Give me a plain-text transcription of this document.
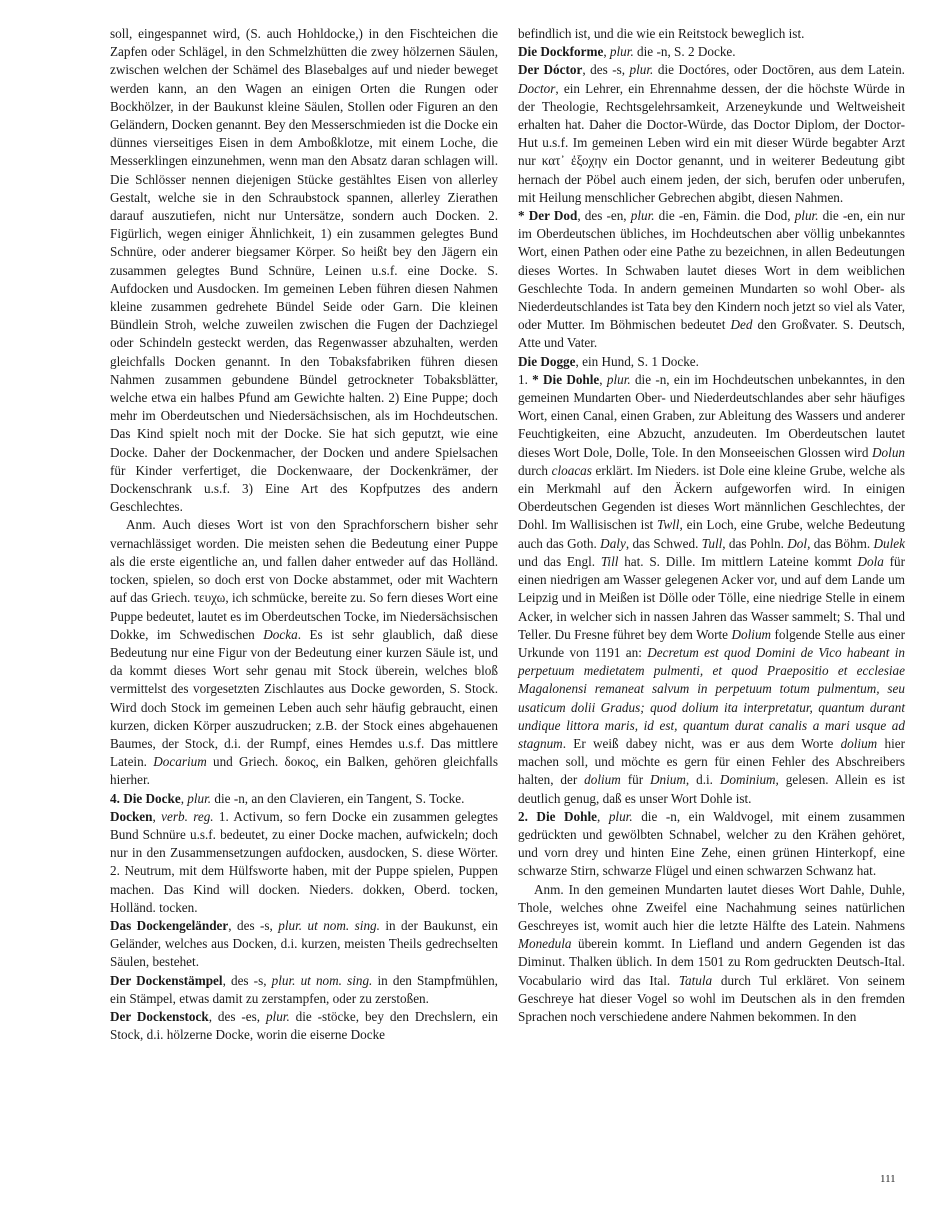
soll, eingespannet wird, (S. auch Hohldocke,) in den Fischteichen die Zapfen oder Schlägel, in den Schmelzhütten die zwey hölzernen Säulen, zwischen welchen der Schämel des Blasebalges auf und nieder beweget werden kann, an den Wagen an einigen Orten die Rungen oder Bockhölzer, in der Baukunst kleine Säulen, Stollen oder Figuren an den Geländern, Docken genannt. Bey den Messerschmieden ist die Docke ein dünnes vierseitiges Eisen in dem Amboßklotze, mit einem Loche, die Messerklingen einzunehmen, wenn man den Absatz daran schlagen will. Die Schlösser nennen diejenigen Stücke gestähltes Eisen von allerley Gestalt, welche sie in den Schraubstock spannen, allerley Zierathen darauf auszutiefen, nicht nur Untersätze, sondern auch Docken. 2. Figürlich, wegen einiger Ähnlichkeit, 1) ein zusammen gelegtes Bund Schnüre, oder anderer biegsamer Körper. So heißt bey den Jägern ein zusammen gelegtes Bund Schnüre, Leinen u.s.f. eine Docke. S. Aufdocken und Ausdocken. Im gemeinen Leben führen diesen Nahmen kleine zusammen gedrehete Bündel Seide oder Garn. Die kleinen Bündlein Stroh, welche zuweilen zwischen die Fugen der Dachziegel oder Schindeln gesteckt werden, das Regenwasser abzuhalten, werden gleichfalls Docken genannt. In den Tobaksfabriken führen diesen Nahmen zusammen gebundene Bündel getrockneter Tobaksblätter, welche etwa ein halbes Pfund am Gewichte halten. 2) Eine Puppe; doch mehr im Oberdeutschen und Niedersächsischen, als im Hochdeutschen. Das Kind spielt noch mit der Docke. Sie hat sich geputzt, wie eine Docke. Daher der Dockenmacher, der Docken und andere Spielsachen für Kinder verfertiget, die Dockenwaare, der Dockenkrämer, der Dockenschrank u.s.f. 3) Eine Art des Kopfputzes des andern Geschlechtes.

Anm. Auch dieses Wort ist von den Sprachforschern bisher sehr vernachlässiget worden. Die meisten sehen die Bedeutung einer Puppe als die erste eigentliche an, und fallen daher entweder auf das Holländ. tocken, spielen, so doch erst von Docke abstammet, oder mit Wachtern auf das Griech. τευχω, ich schmücke, bereite zu. So fern dieses Wort eine Puppe bedeutet, lautet es im Oberdeutschen Tocke, im Niedersächsischen Dokke, im Schwedischen Docka. Es ist sehr glaublich, daß diese Bedeutung nur eine Figur von der Bedeutung einer kurzen Säule ist, und da kommt dieses Wort sehr genau mit Stock überein, welches bloß vermittelst des vorgesetzten Zischlautes aus Docke geworden, S. Stock. Wird doch Stock im gemeinen Leben auch sehr häufig gebraucht, einen kurzen, dicken Körper auszudrucken; z.B. der Stock eines abgehauenen Baumes, der Stock, d.i. der Rumpf, eines Hemdes u.s.f. Das mittlere Latein. Docarium und Griech. δοκος, ein Balken, gehören gleichfalls hierher.

4. Die Docke, plur. die -n, an den Clavieren, ein Tangent, S. Tocke.

Docken, verb. reg. 1. Activum, so fern Docke ein zusammen gelegtes Bund Schnüre u.s.f. bedeutet, zu einer Docke machen, aufwickeln; doch nur in den Zusammensetzungen aufdocken, ausdocken, S. diese Wörter. 2. Neutrum, mit dem Hülfsworte haben, mit der Puppe spielen, Puppen machen. Das Kind will docken. Nieders. dokken, Oberd. tocken, Holländ. tocken.

Das Dockengeländer, des -s, plur. ut nom. sing. in der Baukunst, ein Geländer, welches aus Docken, d.i. kurzen, meisten Theils gedrechselten Säulen, bestehet.

Der Dockenstämpel, des -s, plur. ut nom. sing. in den Stampfmühlen, ein Stämpel, etwas damit zu zerstampfen, oder zu zerstoßen.

Der Dockenstock, des -es, plur. die -stöcke, bey den Drechslern, ein Stock, d.i. hölzerne Docke, worin die eiserne Docke

befindlich ist, und die wie ein Reitstock beweglich ist.

Die Dockforme, plur. die -n, S. 2 Docke.

Der Dóctor, des -s, plur. die Doctóres, oder Doctōren, aus dem Latein. Doctor, ein Lehrer, ein Ehrennahme dessen, der die höchste Würde in der Theologie, Rechtsgelehrsamkeit, Arzeneykunde und Weltweisheit erhalten hat. Daher die Doctor-Würde, das Doctor Diplom, der Doctor-Hut u.s.f. Im gemeinen Leben wird ein mit dieser Würde begabter Arzt nur κατ᾽ ἐξοχην ein Doctor genannt, und in weiterer Bedeutung gibt hernach der Pöbel auch einem jeden, der sich, berufen oder unberufen, mit Heilung menschlicher Gebrechen abgibt, diesen Nahmen.

* Der Dod, des -en, plur. die -en, Fämin. die Dod, plur. die -en, ein nur im Oberdeutschen übliches, im Hochdeutschen aber völlig unbekanntes Wort, einen Pathen oder eine Pathe zu bezeichnen, in allen Bedeutungen dieses Wortes. In Schwaben lautet dieses Wort in dem weiblichen Geschlechte Toda. In andern gemeinen Mundarten so wohl Ober- als Niederdeutschlandes ist Tata bey den Kindern noch jetzt so viel als Vater, oder Mutter. Im Böhmischen bedeutet Ded den Großvater. S. Deutsch, Atte und Vater.

Die Dogge, ein Hund, S. 1 Docke.

1. * Die Dohle, plur. die -n, ein im Hochdeutschen unbekanntes, in den gemeinen Mundarten Ober- und Niederdeutschlandes aber sehr häufiges Wort, einen Canal, einen Graben, zur Ableitung des Wassers und anderer Feuchtigkeiten, eine Abzucht, anzudeuten. Im Oberdeutschen lautet dieses Wort Dole, Dolle, Tole. In den Monseeischen Glossen wird Dolun durch cloacas erklärt. Im Nieders. ist Dole eine kleine Grube, welche als ein Merkmahl auf den Äckern aufgeworfen wird. In einigen Oberdeutschen Gegenden ist dieses Wort männlichen Geschlechtes, der Dohl. Im Wallisischen ist Twll, ein Loch, eine Grube, welche Bedeutung auch das Goth. Daly, das Schwed. Tull, das Pohln. Dol, das Böhm. Dulek und das Engl. Till hat. S. Dille. Im mittlern Lateine kommt Dola für einen niedrigen am Wasser gelegenen Acker vor, und auf dem Lande um Leipzig und in Meißen ist Dölle oder Tölle, eine niedrige Stelle in einem Acker, in welcher sich in nassen Jahren das Wasser sammelt; S. Thal und Teller. Du Fresne führet bey dem Worte Dolium folgende Stelle aus einer Urkunde von 1191 an: Decretum est quod Domini de Vico habeant in perpetuum medietatem pulmenti, et quod Praepositio et ecclesiae Magalonensi remaneat salvum in perpetuum totum pulmentum, seu usaticum dolii Gradus; quod dolium ita interpretatur, quantum durant undique littora maris, id est, quantum durat canalis a mari usque ad stagnum. Er weiß dabey nicht, was er aus dem Worte dolium hier machen soll, und möchte es gern für einen Fehler des Abschreibers halten, der dolium für Dnium, d.i. Dominium, gelesen. Allein es ist deutlich genug, daß es unser Wort Dohle ist.

2. Die Dohle, plur. die -n, ein Waldvogel, mit einem zusammen gedrückten und gewölbten Schnabel, welcher zu den Krähen gehöret, und vorn drey und hinten Eine Zehe, einen grünen Hinterkopf, eine schwarze Stirn, schwarze Flügel und einen schwarzen Schwanz hat.

Anm. In den gemeinen Mundarten lautet dieses Wort Dahle, Duhle, Thole, welches ohne Zweifel eine Nachahmung seines natürlichen Geschreyes ist, womit auch hier die letzte Hälfte des Latein. Nahmens Monedula überein kommt. In Liefland und andern Gegenden ist das Diminut. Thalken üblich. In dem 1501 zu Rom gedruckten Deutsch-Ital. Vocabulario wird das Ital. Tatula durch Tul erkläret. Von seinem Geschreye hat dieser Vogel so wohl im Deutschen als in den fremden Sprachen noch verschiedene andere Nahmen bekommen. In den

111
